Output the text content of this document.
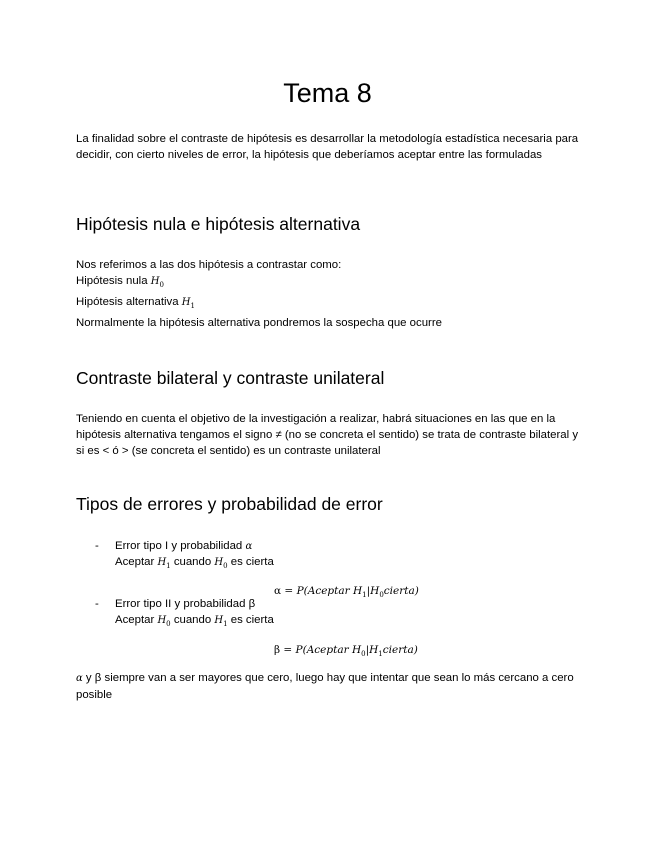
Tema 8

La finalidad sobre el contraste de hipótesis es desarrollar la metodología estadística necesaria para decidir, con cierto niveles de error, la hipótesis que deberíamos aceptar entre las formuladas

Hipótesis nula e hipótesis alternativa

Nos referimos a las dos hipótesis a contrastar como:

Hipótesis nula $H_0$

Hipótesis alternativa $H_1$

Normalmente la hipótesis alternativa pondremos la sospecha que ocurre

Contraste bilateral y contraste unilateral

Teniendo en cuenta el objetivo de la investigación a realizar, habrá situaciones en las que en la hipótesis alternativa tengamos el signo ≠ (no se concreta el sentido) se trata de contraste bilateral y si es < ó > (se concreta el sentido) es un contraste unilateral

Tipos de errores y probabilidad de error
- Error tipo I y probabilidad α

Aceptar $H_1$ cuando $H_0$ es cierta

α = P(Aceptar $H_1|H_0cierta$)

- Error tipo II y probabilidad β

Aceptar $H_0$ cuando $H_1$ es cierta

β = P(Aceptar $H_0|H_1cierta$)

α y β siempre van a ser mayores que cero, luego hay que intentar que sean lo más cercano a cero posible
